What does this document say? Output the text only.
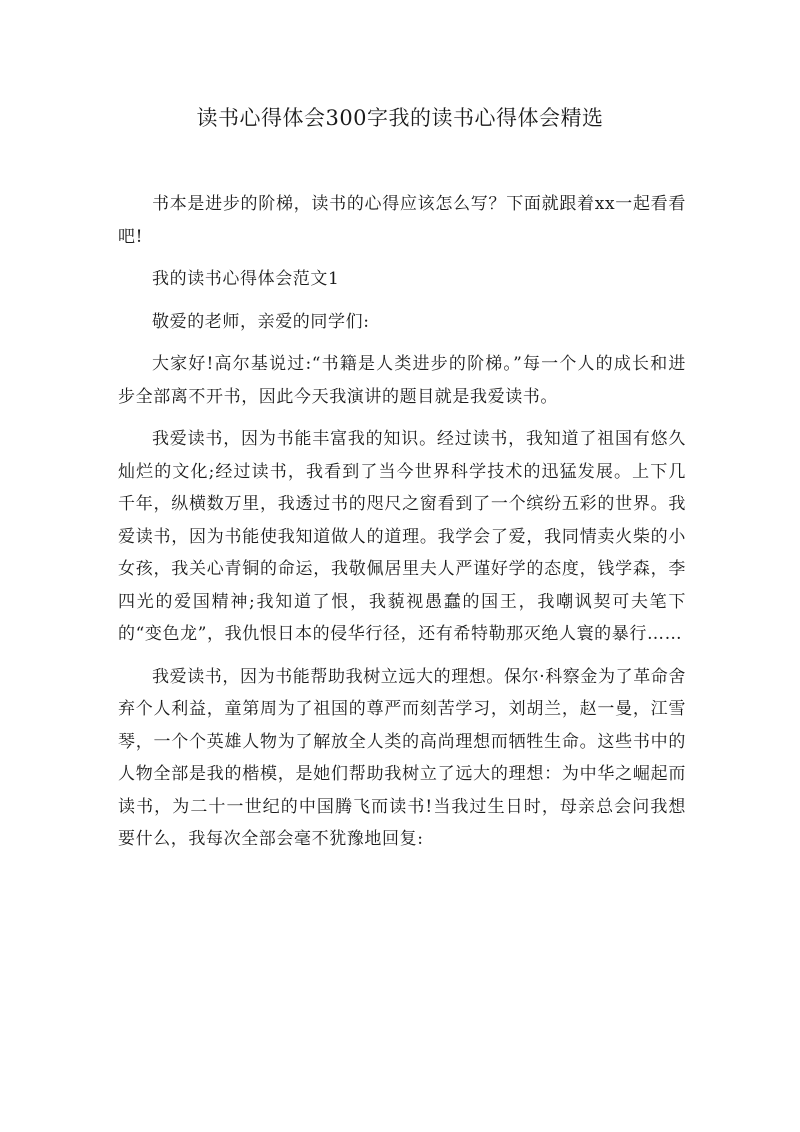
读书心得体会300字我的读书心得体会精选

书本是进步的阶梯，读书的心得应该怎么写？下面就跟着xx一起看看吧!

我的读书心得体会范文1

敬爱的老师，亲爱的同学们:

大家好!高尔基说过:“书籍是人类进步的阶梯。”每一个人的成长和进步全部离不开书，因此今天我演讲的题目就是我爱读书。

我爱读书，因为书能丰富我的知识。经过读书，我知道了祖国有悠久灿烂的文化;经过读书，我看到了当今世界科学技术的迅猛发展。上下几千年，纵横数万里，我透过书的咫尺之窗看到了一个缤纷五彩的世界。我爱读书，因为书能使我知道做人的道理。我学会了爱，我同情卖火柴的小女孩，我关心青铜的命运，我敬佩居里夫人严谨好学的态度，钱学森，李四光的爱国精神;我知道了恨，我藐视愚蠢的国王，我嘲讽契可夫笔下的“变色龙”，我仇恨日本的侵华行径，还有希特勒那灭绝人寰的暴行……

我爱读书，因为书能帮助我树立远大的理想。保尔·科察金为了革命舍弃个人利益，童第周为了祖国的尊严而刻苦学习，刘胡兰，赵一曼，江雪琴，一个个英雄人物为了解放全人类的高尚理想而牺牲生命。这些书中的人物全部是我的楷模，是她们帮助我树立了远大的理想：为中华之崛起而读书，为二十一世纪的中国腾飞而读书!当我过生日时，母亲总会问我想要什么，我每次全部会毫不犹豫地回复:
